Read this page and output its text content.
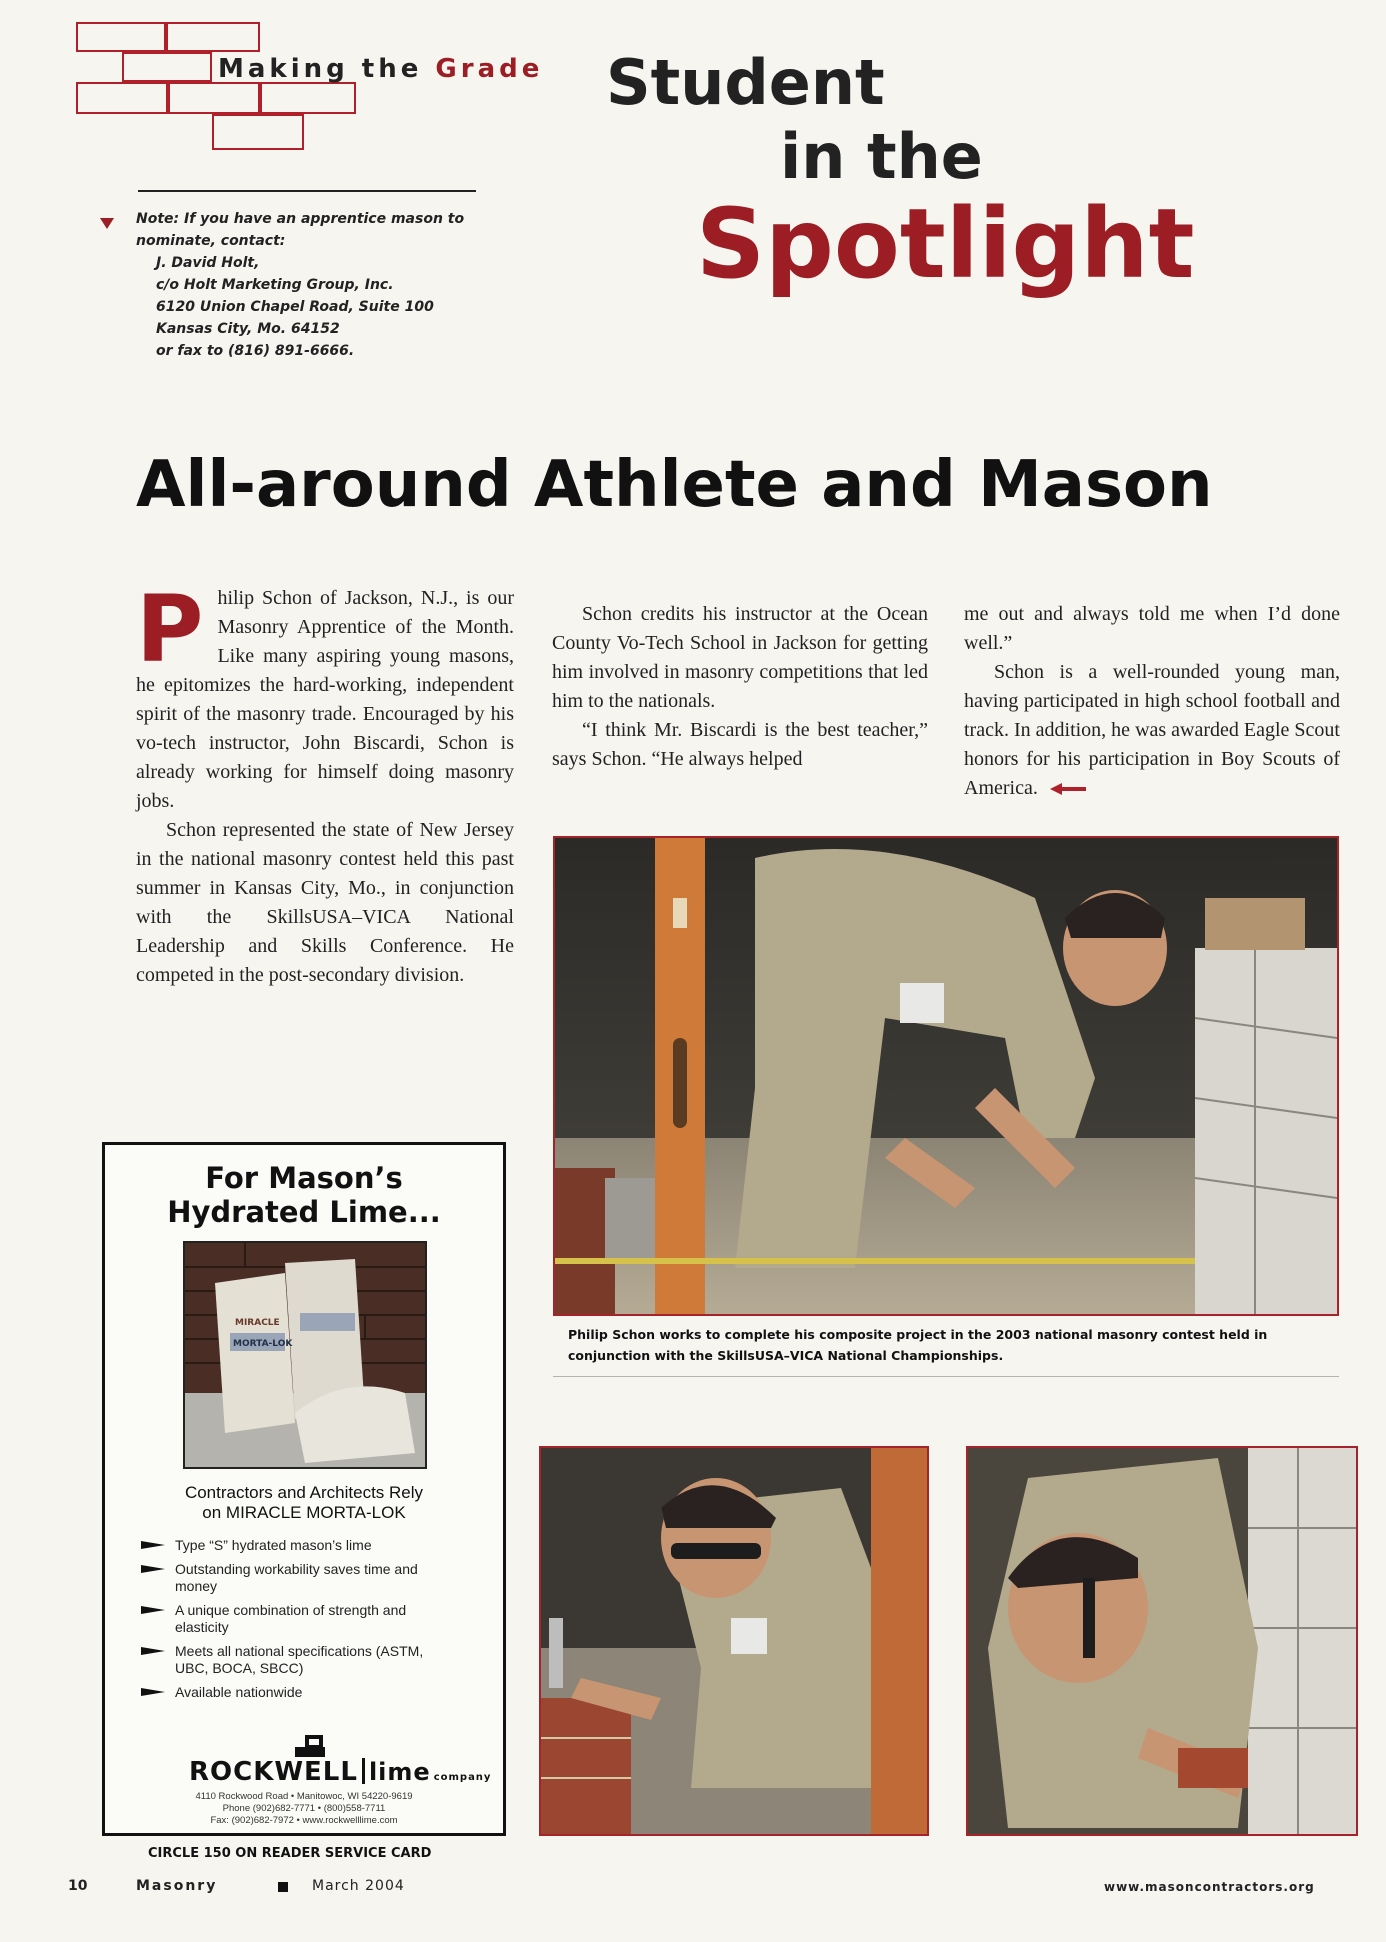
Making the Grade Student
in the
Spotlight
Note: If you have an apprentice mason to nominate, contact:
J. David Holt,
c/o Holt Marketing Group, Inc.
6120 Union Chapel Road, Suite 100
Kansas City, Mo. 64152
or fax to (816) 891-6666.
All-around Athlete and Mason

Philip Schon of Jackson, N.J., is our Masonry Apprentice of the Month. Like many aspiring young masons, he epitomizes the hard-working, independent spirit of the masonry trade. Encouraged by his vo-tech instructor, John Biscardi, Schon is already working for himself doing masonry jobs.

Schon represented the state of New Jersey in the national masonry contest held this past summer in Kansas City, Mo., in conjunction with the SkillsUSA–VICA National Leadership and Skills Conference. He competed in the post-secondary division.

Schon credits his instructor at the Ocean County Vo-Tech School in Jackson for getting him involved in masonry competitions that led him to the nationals.

“I think Mr. Biscardi is the best teacher,” says Schon. “He always helped

me out and always told me when I’d done well.”

Schon is a well-rounded young man, having participated in high school football and track. In addition, he was awarded Eagle Scout honors for his participation in Boy Scouts of America.

Philip Schon works to complete his composite project in the 2003 national masonry contest held in conjunction with the SkillsUSA–VICA National Championships.
For Mason’s
Hydrated Lime...
MIRACLE
MORTA-LOK
Contractors and Architects Rely
on MIRACLE MORTA-LOK
Type “S” hydrated mason’s lime
Outstanding workability saves time and money
A unique combination of strength and elasticity
Meets all national specifications (ASTM, UBC, BOCA, SBCC)
Available nationwide
ROCKWELL lime company
4110 Rockwood Road • Manitowoc, WI 54220-9619
Phone (902)682-7771 • (800)558-7711
Fax: (902)682-7972 • www.rockwelllime.com
CIRCLE 150 ON READER SERVICE CARD
10	Masonry	March 2004	www.masoncontractors.org
